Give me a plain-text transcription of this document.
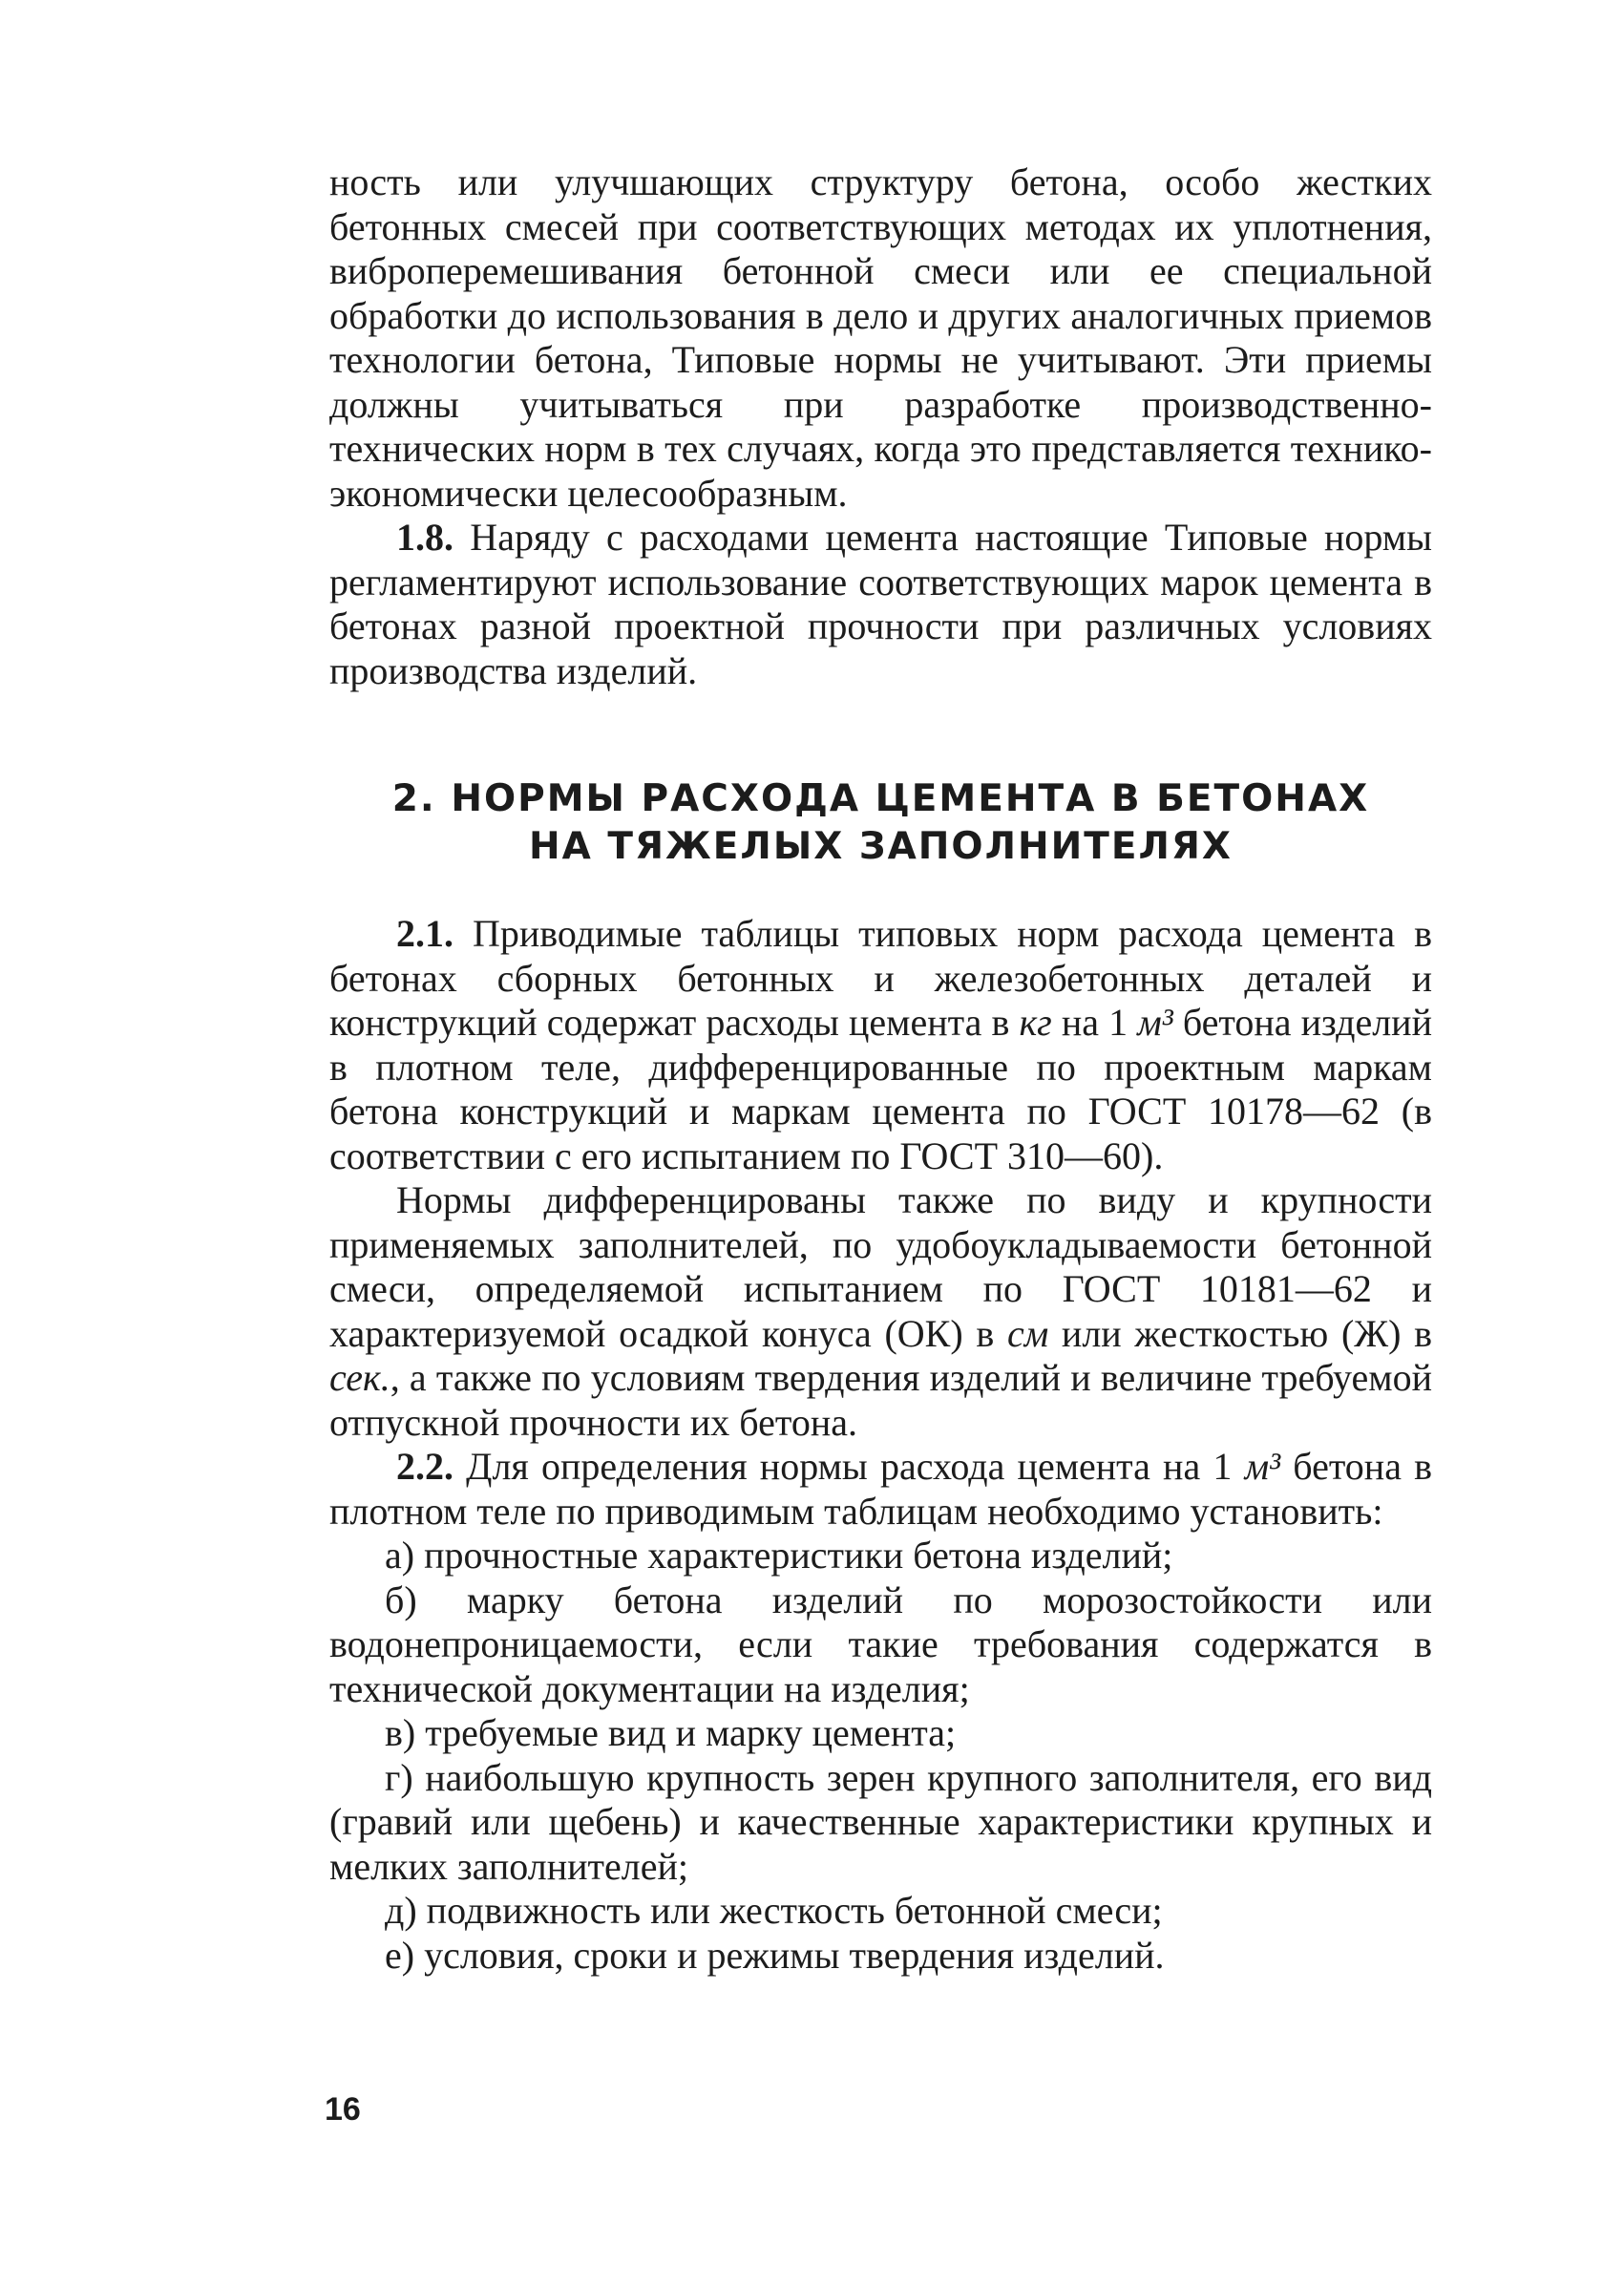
ность или улучшающих структуру бетона, особо жестких бетонных смесей при соответствующих методах их уплотнения, виброперемешивания бетонной смеси или ее специальной обработки до использования в дело и других аналогичных приемов технологии бетона, Типовые нормы не учитывают. Эти приемы должны учитываться при разработке производственно-технических норм в тех случаях, когда это представляется технико-экономически целесообразным.

1.8. Наряду с расходами цемента настоящие Типовые нормы регламентируют использование соответствующих марок цемента в бетонах разной проектной прочности при различных условиях производства изделий.

2. НОРМЫ РАСХОДА ЦЕМЕНТА В БЕТОНАХ
НА ТЯЖЕЛЫХ ЗАПОЛНИТЕЛЯХ

2.1. Приводимые таблицы типовых норм расхода цемента в бетонах сборных бетонных и железобетонных деталей и конструкций содержат расходы цемента в кг на 1 м³ бетона изделий в плотном теле, дифференцированные по проектным маркам бетона конструкций и маркам цемента по ГОСТ 10178—62 (в соответствии с его испытанием по ГОСТ 310—60).

Нормы дифференцированы также по виду и крупности применяемых заполнителей, по удобоукладываемости бетонной смеси, определяемой испытанием по ГОСТ 10181—62 и характеризуемой осадкой конуса (ОК) в см или жесткостью (Ж) в сек., а также по условиям твердения изделий и величине требуемой отпускной прочности их бетона.

2.2. Для определения нормы расхода цемента на 1 м³ бетона в плотном теле по приводимым таблицам необходимо установить:

а) прочностные характеристики бетона изделий;

б) марку бетона изделий по морозостойкости или водонепроницаемости, если такие требования содержатся в технической документации на изделия;

в) требуемые вид и марку цемента;

г) наибольшую крупность зерен крупного заполнителя, его вид (гравий или щебень) и качественные характеристики крупных и мелких заполнителей;

д) подвижность или жесткость бетонной смеси;

е) условия, сроки и режимы твердения изделий.

16
